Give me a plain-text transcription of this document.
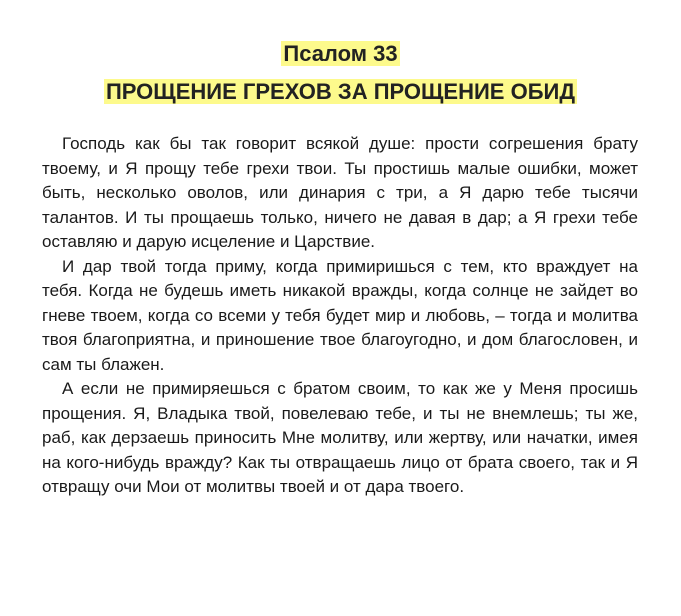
Псалом 33
ПРОЩЕНИЕ ГРЕХОВ ЗА ПРОЩЕНИЕ ОБИД

Господь как бы так говорит всякой душе: прости согрешения брату твоему, и Я прощу тебе грехи твои. Ты простишь малые ошибки, может быть, несколько оволов, или динария с три, а Я дарю тебе тысячи талантов. И ты прощаешь только, ничего не давая в дар; а Я грехи тебе оставляю и дарую исцеление и Царствие.

И дар твой тогда приму, когда примиришься с тем, кто враждует на тебя. Когда не будешь иметь никакой вражды, когда солнце не зайдет во гневе твоем, когда со всеми у тебя будет мир и любовь, – тогда и молитва твоя благоприятна, и приношение твое благоугодно, и дом благословен, и сам ты блажен.

А если не примиряешься с братом своим, то как же у Меня просишь прощения. Я, Владыка твой, повелеваю тебе, и ты не внемлешь; ты же, раб, как дерзаешь приносить Мне молитву, или жертву, или начатки, имея на кого-нибудь вражду? Как ты отвращаешь лицо от брата своего, так и Я отвращу очи Мои от молитвы твоей и от дара твоего.
